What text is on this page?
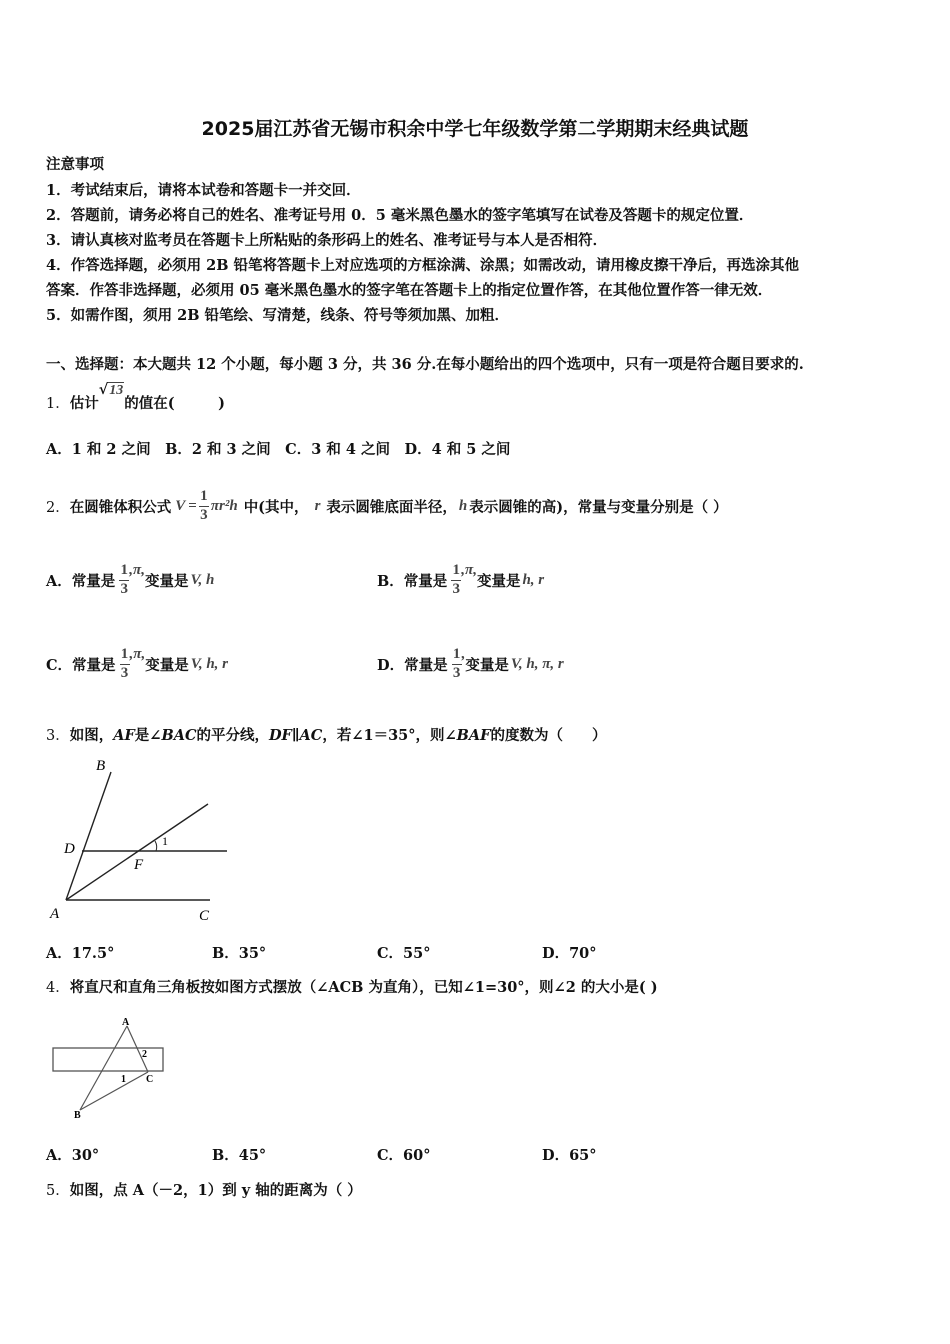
2025届江苏省无锡市积余中学七年级数学第二学期期末经典试题
注意事项
1．考试结束后，请将本试卷和答题卡一并交回．
2．答题前，请务必将自己的姓名、准考证号用 0．5 毫米黑色墨水的签字笔填写在试卷及答题卡的规定位置．
3．请认真核对监考员在答题卡上所粘贴的条形码上的姓名、准考证号与本人是否相符．
4．作答选择题，必须用 2B 铅笔将答题卡上对应选项的方框涂满、涂黑；如需改动，请用橡皮擦干净后，再选涂其他
答案．作答非选择题，必须用 05 毫米黑色墨水的签字笔在答题卡上的指定位置作答，在其他位置作答一律无效．
5．如需作图，须用 2B 铅笔绘、写清楚，线条、符号等须加黑、加粗．
一、选择题：本大题共 12 个小题，每小题 3 分，共 36 分.在每小题给出的四个选项中，只有一项是符合题目要求的.
1．估计√13的值在(　　　)
A．1 和 2 之间　B．2 和 3 之间　C．3 和 4 之间　D．4 和 5 之间
2． 在圆锥体积公式 $V = \frac{1}{3} \pi r^2h$ 中(其中， r 表示圆锥底面半径， h 表示圆锥的高)，常量与变量分别是（ ）
A．常量是 $\frac{1}{3} ,\pi$,
变量是 V, h	B．常量是 $\frac{1}{3} ,\pi$,
变量是 h, r
C．常量是 $\frac{1}{3} ,\pi$,
变量是 V, h, r	D．常量是 $\frac{1}{3}$ ,
变量是 V, h, π, r
3．如图，AF是∠BAC的平分线，DF∥AC，若∠1＝35°，则∠BAF的度数为（　　）
B
D
F
1
A	C
A．17.5°	B．35°	C．55°	D．70°
4．将直尺和直角三角板按如图方式摆放（∠ACB 为直角），已知∠1=30°，则∠2 的大小是( )
A
2
1 C
B
A．30°	B．45°	C．60°	D．65°
5．如图，点 A（－2，1）到 y 轴的距离为（ ）
